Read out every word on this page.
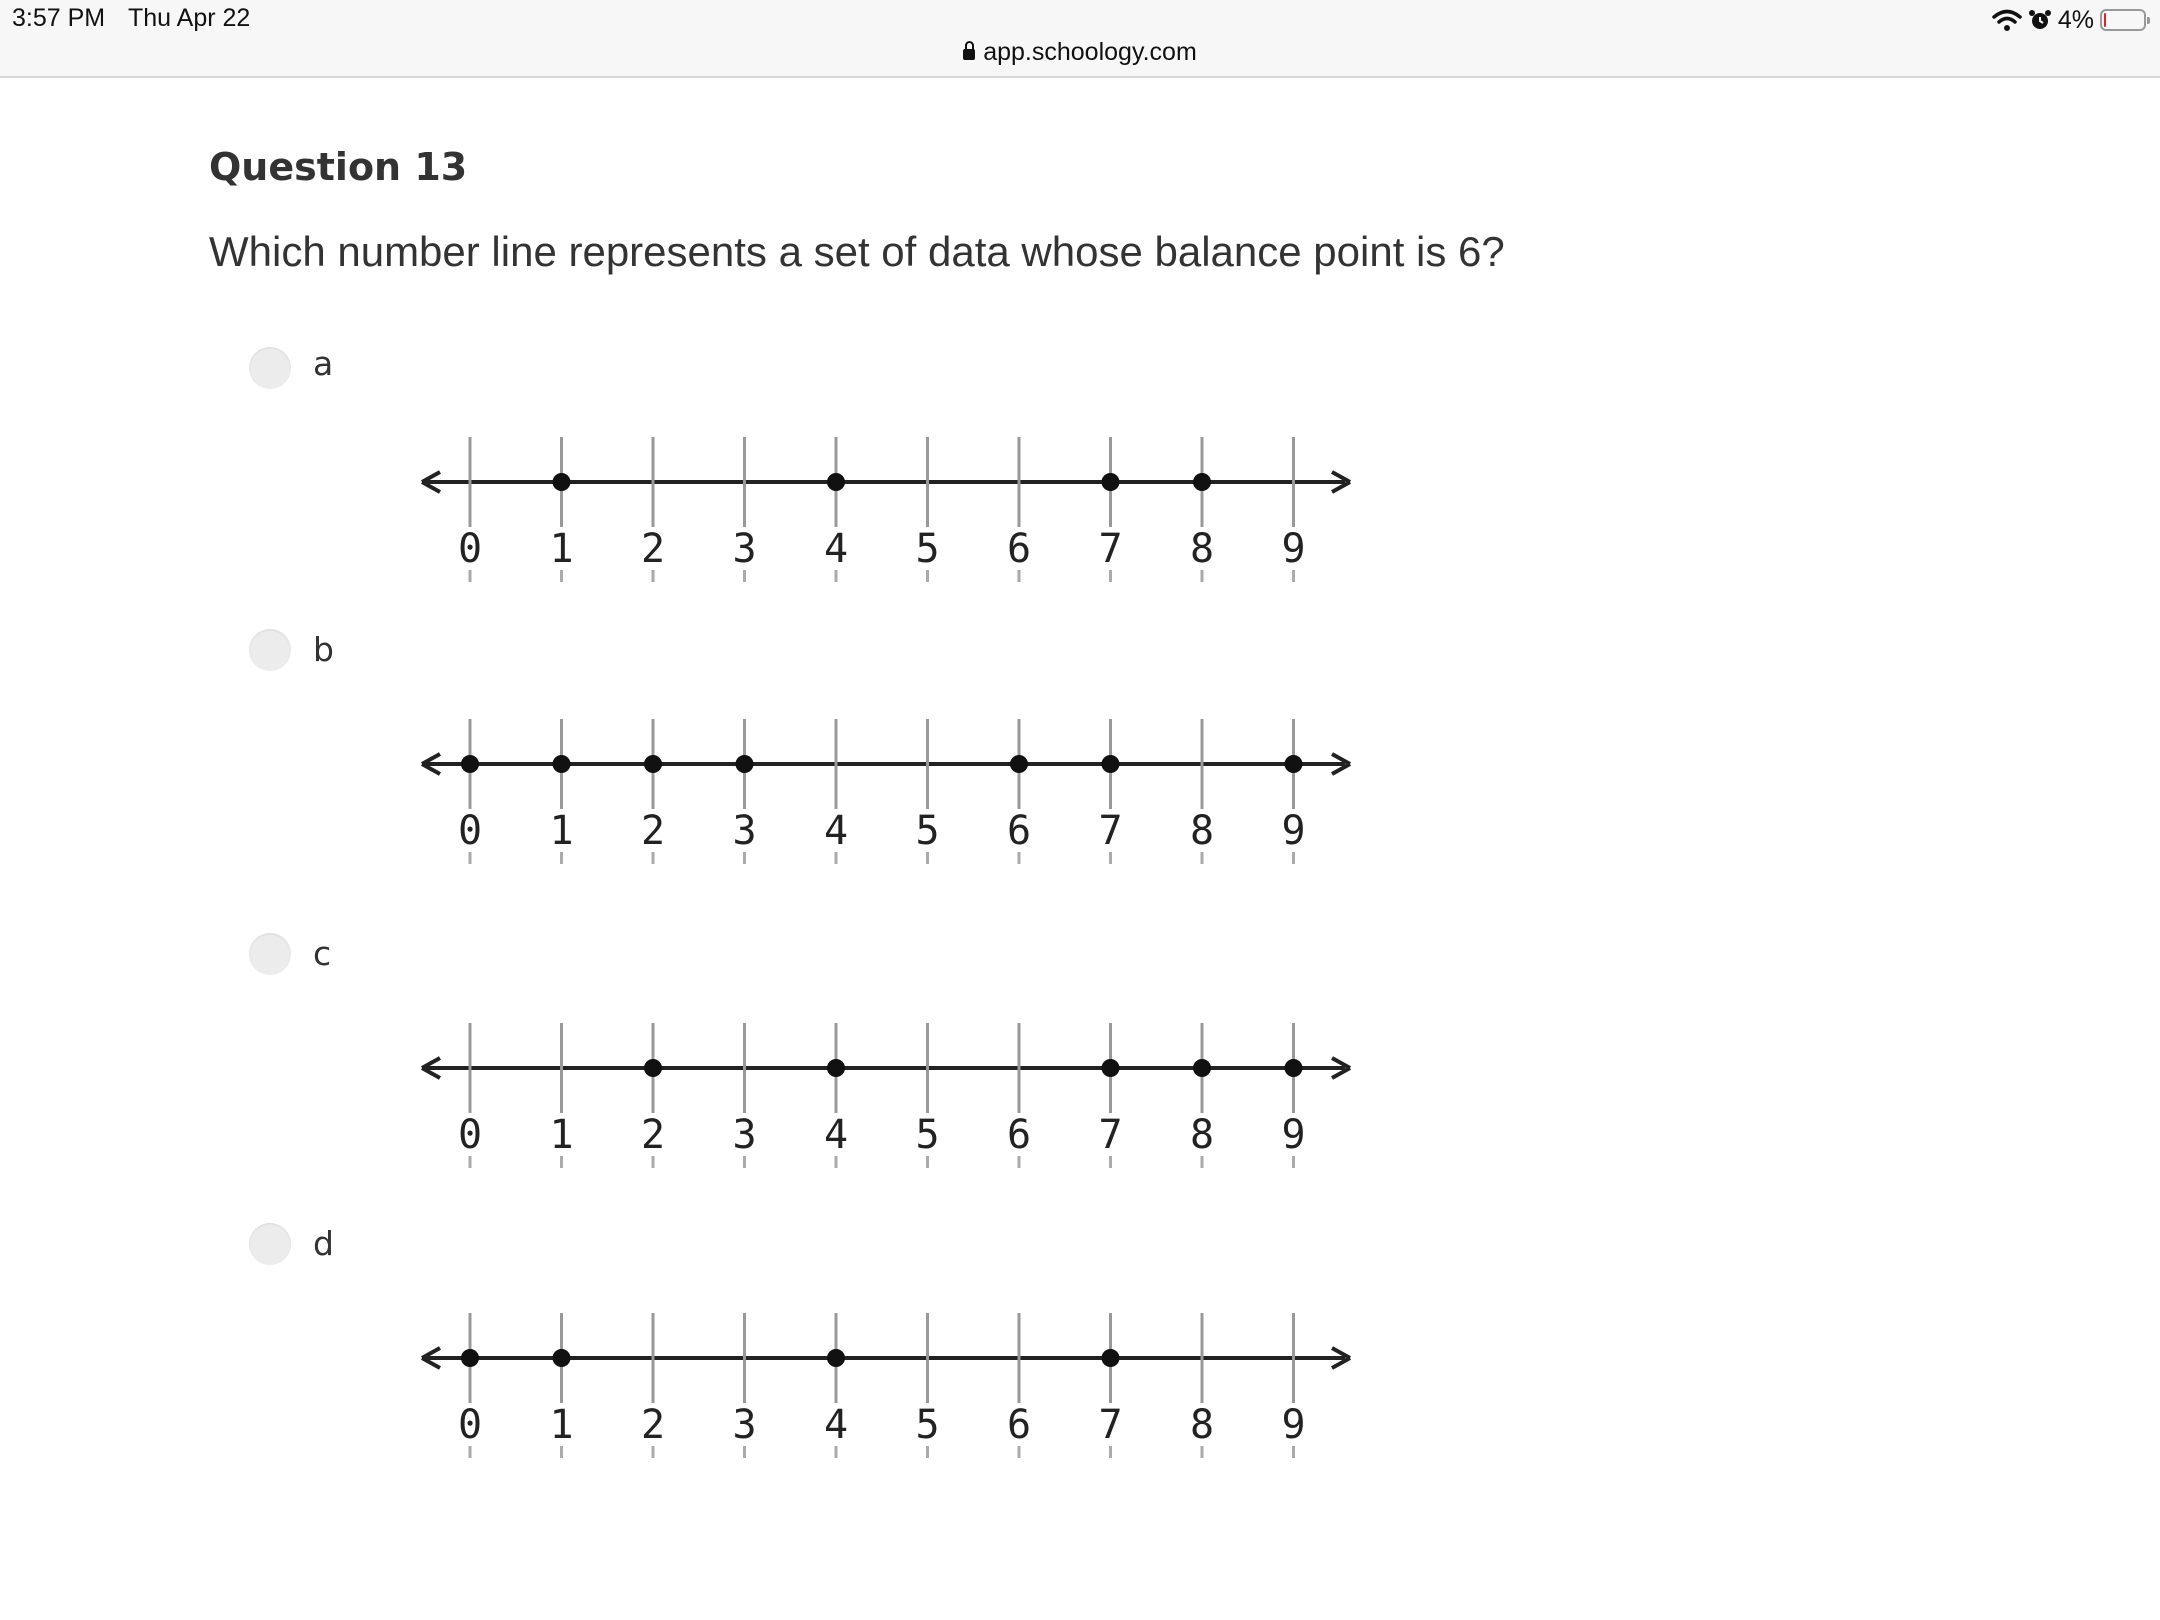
3:57 PM Thu Apr 22
app.schoology.com
4%
Question 13
Which number line represents a set of data whose balance point is 6?
a
0 1 2 3 4 5 6 7 8 9
b
0 1 2 3 4 5 6 7 8 9
c
0 1 2 3 4 5 6 7 8 9
d
0 1 2 3 4 5 6 7 8 9
